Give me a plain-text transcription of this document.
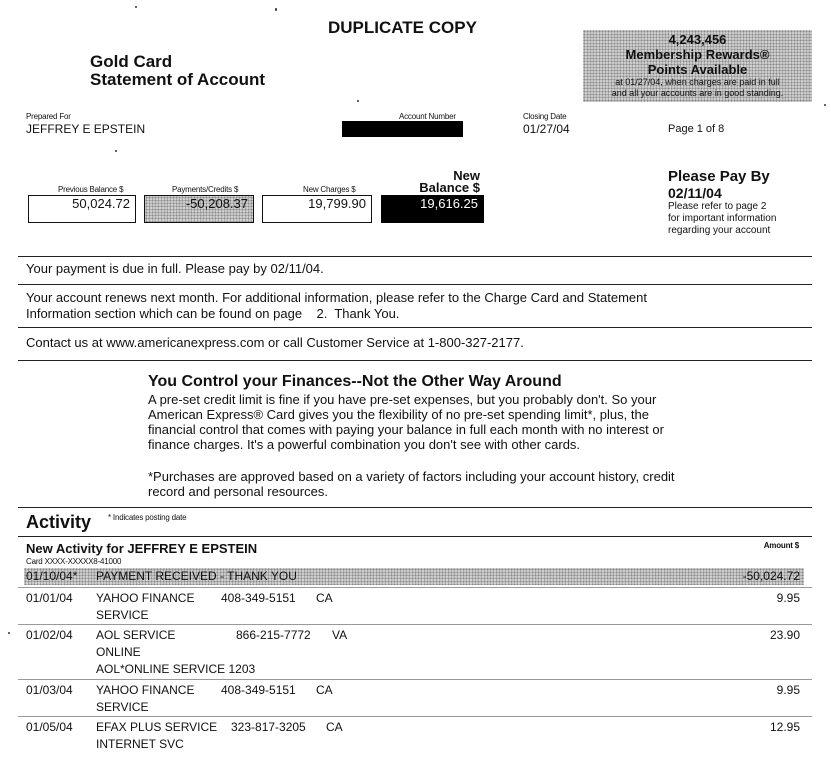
DUPLICATE COPY
Gold Card
Statement of Account
4,243,456
Membership Rewards®
Points Available
at 01/27/04, when charges are paid in full
and all your accounts are in good standing.
Prepared For
JEFFREY E EPSTEIN
Account Number	Closing Date
01/27/04	Page 1 of 8
Previous Balance $
50,024.72
Payments/Credits $
-50,208.37
New Charges $
19,799.90
New
Balance $
19,616.25
Please Pay By
02/11/04
Please refer to page 2
for important information
regarding your account
Your payment is due in full. Please pay by 02/11/04.
Your account renews next month. For additional information, please refer to the Charge Card and Statement
Information section which can be found on page    2.  Thank You.
Contact us at www.americanexpress.com or call Customer Service at 1-800-327-2177.
You Control your Finances--Not the Other Way Around
A pre-set credit limit is fine if you have pre-set expenses, but you probably don't. So your
American Express® Card gives you the flexibility of no pre-set spending limit*, plus, the
financial control that comes with paying your balance in full each month with no interest or
finance charges. It's a powerful combination you don't see with other cards.
*Purchases are approved based on a variety of factors including your account history, credit
record and personal resources.
Activity * Indicates posting date
New Activity for JEFFREY E EPSTEIN
Card XXXX-XXXXX8-41000
Amount $
01/10/04* PAYMENT RECEIVED - THANK YOU	-50,024.72
01/01/04 YAHOO FINANCE 408-349-5151 CA	9.95
SERVICE
01/02/04 AOL SERVICE	866-215-7772 VA	23.90
ONLINE
AOL*ONLINE SERVICE 1203
01/03/04 YAHOO FINANCE 408-349-5151 CA	9.95
SERVICE
01/05/04 EFAX PLUS SERVICE 323-817-3205 CA	12.95
INTERNET SVC
